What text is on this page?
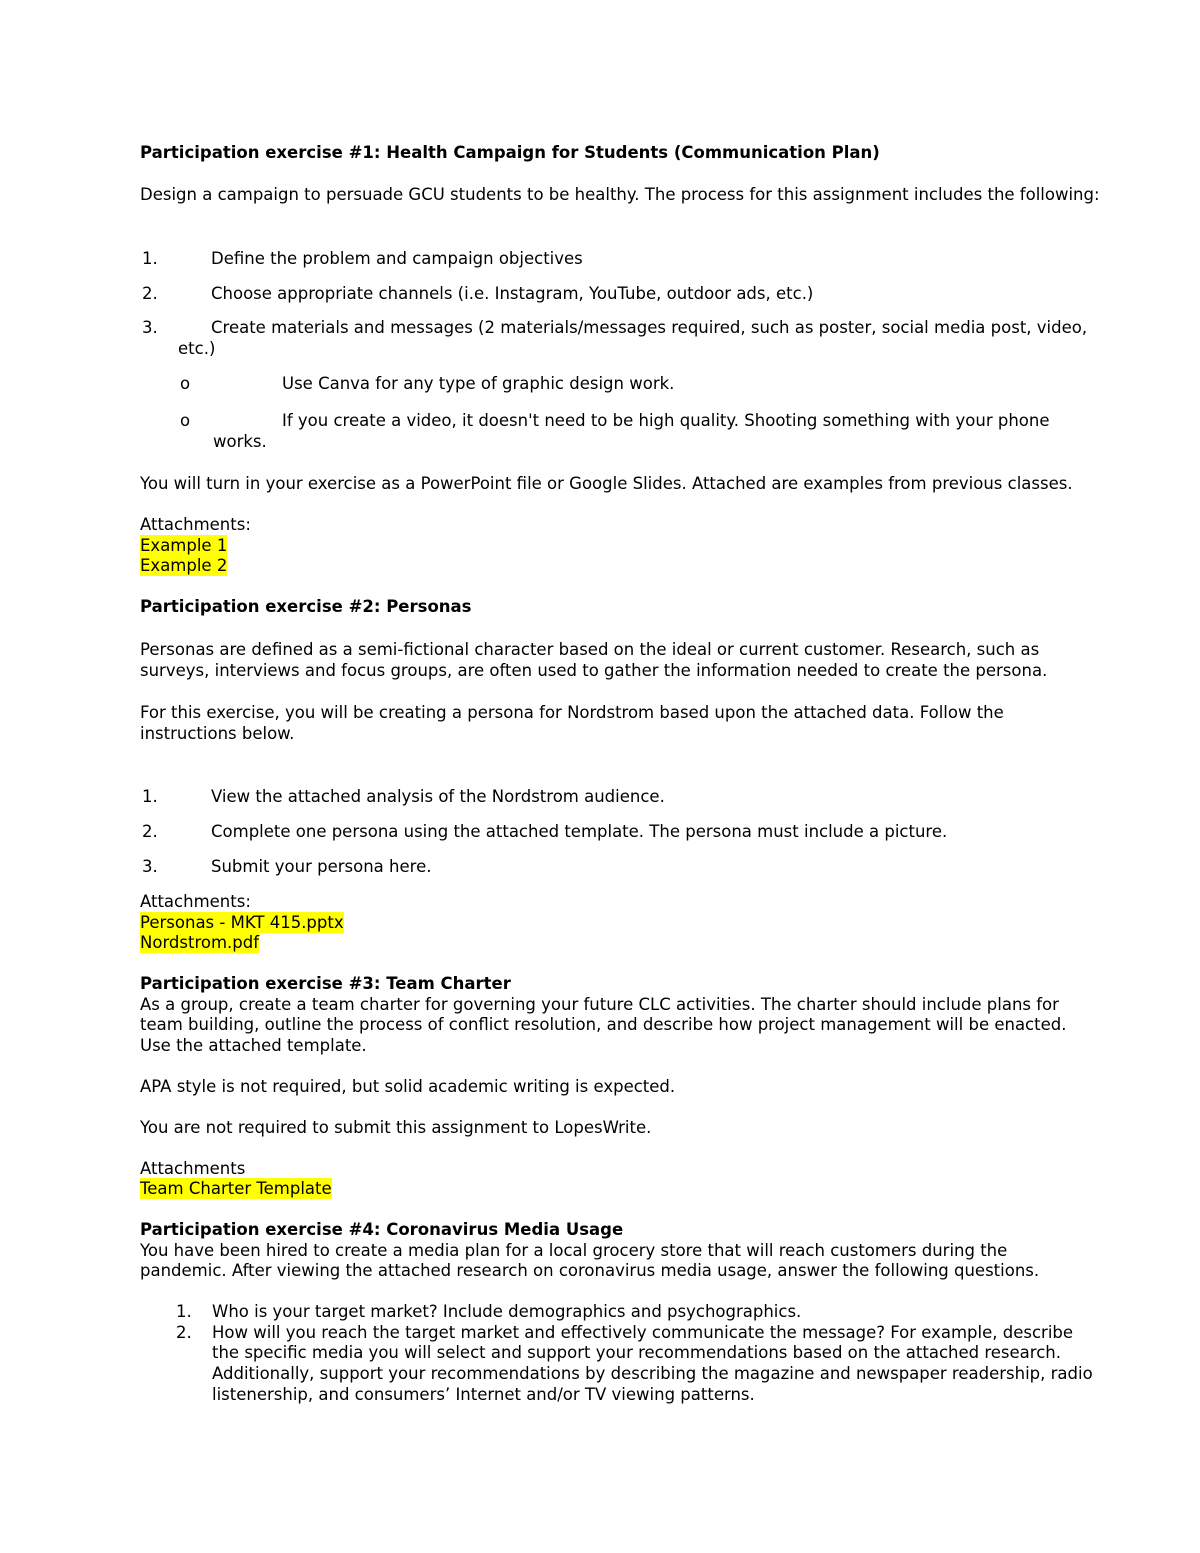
Participation exercise #1: Health Campaign for Students (Communication Plan)
Design a campaign to persuade GCU students to be healthy. The process for this assignment includes the following:
1.	Define the problem and campaign objectives
2.	Choose appropriate channels (i.e. Instagram, YouTube, outdoor ads, etc.)
3.	Create materials and messages (2 materials/messages required, such as poster, social media post, video,
etc.)
o	Use Canva for any type of graphic design work.
o	If you create a video, it doesn't need to be high quality. Shooting something with your phone
works.
You will turn in your exercise as a PowerPoint file or Google Slides. Attached are examples from previous classes.
Attachments:
Example 1
Example 2
Participation exercise #2: Personas
Personas are defined as a semi-fictional character based on the ideal or current customer. Research, such as
surveys, interviews and focus groups, are often used to gather the information needed to create the persona.
For this exercise, you will be creating a persona for Nordstrom based upon the attached data. Follow the
instructions below.
1.	View the attached analysis of the Nordstrom audience.
2.	Complete one persona using the attached template. The persona must include a picture.
3.	Submit your persona here.
Attachments:
Personas - MKT 415.pptx
Nordstrom.pdf
Participation exercise #3: Team Charter
As a group, create a team charter for governing your future CLC activities. The charter should include plans for
team building, outline the process of conflict resolution, and describe how project management will be enacted.
Use the attached template.
APA style is not required, but solid academic writing is expected.
You are not required to submit this assignment to LopesWrite.
Attachments
Team Charter Template
Participation exercise #4: Coronavirus Media Usage
You have been hired to create a media plan for a local grocery store that will reach customers during the
pandemic. After viewing the attached research on coronavirus media usage, answer the following questions.
1. Who is your target market? Include demographics and psychographics.
2. How will you reach the target market and effectively communicate the message? For example, describe
the specific media you will select and support your recommendations based on the attached research.
Additionally, support your recommendations by describing the magazine and newspaper readership, radio
listenership, and consumers’ Internet and/or TV viewing patterns.
